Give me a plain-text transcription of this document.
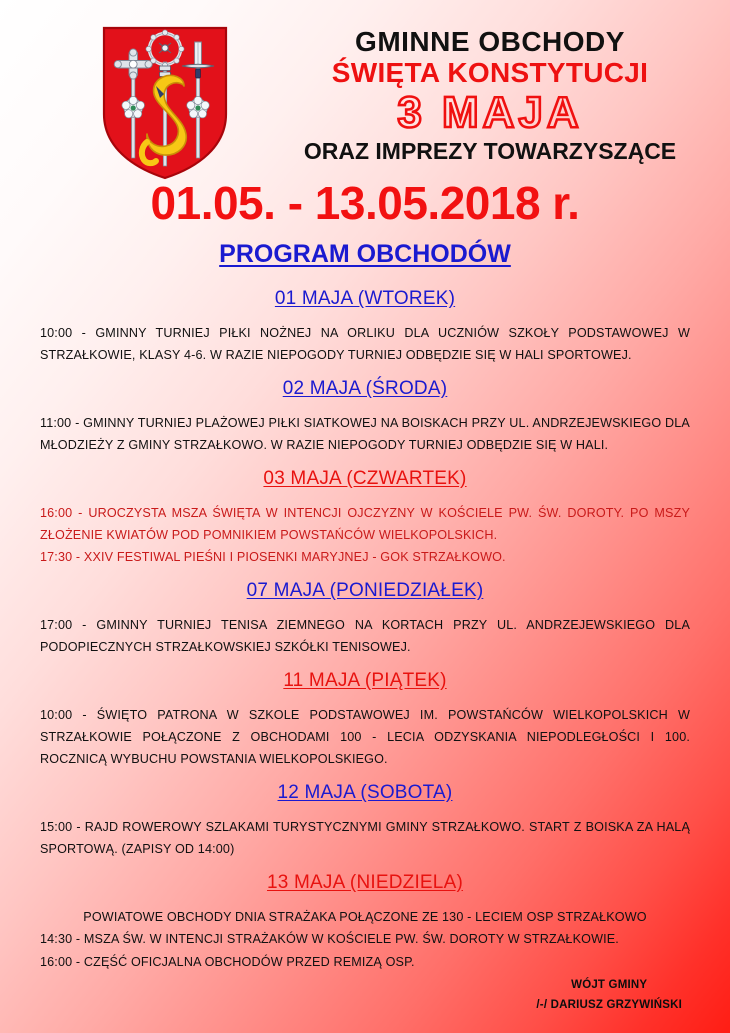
GMINNE OBCHODY
ŚWIĘTA KONSTYTUCJI
3 MAJA
ORAZ IMPREZY TOWARZYSZĄCE
01.05. - 13.05.2018 r.
PROGRAM OBCHODÓW
01 MAJA (WTOREK)

10:00 - GMINNY TURNIEJ PIŁKI NOŻNEJ NA ORLIKU DLA UCZNIÓW SZKOŁY PODSTAWOWEJ W STRZAŁKOWIE, KLASY 4-6. W RAZIE NIEPOGODY TURNIEJ ODBĘDZIE SIĘ W HALI SPORTOWEJ.

02 MAJA (ŚRODA)

11:00 - GMINNY TURNIEJ PLAŻOWEJ PIŁKI SIATKOWEJ NA BOISKACH PRZY UL. ANDRZEJEWSKIEGO DLA MŁODZIEŻY Z GMINY STRZAŁKOWO. W RAZIE NIEPOGODY TURNIEJ ODBĘDZIE SIĘ W HALI.

03 MAJA (CZWARTEK)

16:00 - UROCZYSTA MSZA ŚWIĘTA W INTENCJI OJCZYZNY W KOŚCIELE PW. ŚW. DOROTY. PO MSZY ZŁOŻENIE KWIATÓW POD POMNIKIEM POWSTAŃCÓW WIELKOPOLSKICH.

17:30 - XXIV FESTIWAL PIEŚNI I PIOSENKI MARYJNEJ - GOK STRZAŁKOWO.

07 MAJA (PONIEDZIAŁEK)

17:00 - GMINNY TURNIEJ TENISA ZIEMNEGO NA KORTACH PRZY UL. ANDRZEJEWSKIEGO DLA PODOPIECZNYCH STRZAŁKOWSKIEJ SZKÓŁKI TENISOWEJ.

11 MAJA (PIĄTEK)

10:00 - ŚWIĘTO PATRONA W SZKOLE PODSTAWOWEJ IM. POWSTAŃCÓW WIELKOPOLSKICH W STRZAŁKOWIE POŁĄCZONE Z OBCHODAMI 100 - LECIA ODZYSKANIA NIEPODLEGŁOŚCI I 100. ROCZNICĄ WYBUCHU POWSTANIA WIELKOPOLSKIEGO.

12 MAJA (SOBOTA)

15:00 - RAJD ROWEROWY SZLAKAMI TURYSTYCZNYMI GMINY STRZAŁKOWO. START Z BOISKA ZA HALĄ SPORTOWĄ. (ZAPISY OD 14:00)

13 MAJA (NIEDZIELA)

POWIATOWE OBCHODY DNIA STRAŻAKA POŁĄCZONE ZE 130 - LECIEM OSP STRZAŁKOWO

14:30 - MSZA ŚW. W INTENCJI STRAŻAKÓW W KOŚCIELE PW. ŚW. DOROTY W STRZAŁKOWIE.

16:00 - CZĘŚĆ OFICJALNA OBCHODÓW PRZED REMIZĄ OSP.

WÓJT GMINY
/-/ DARIUSZ GRZYWIŃSKI
